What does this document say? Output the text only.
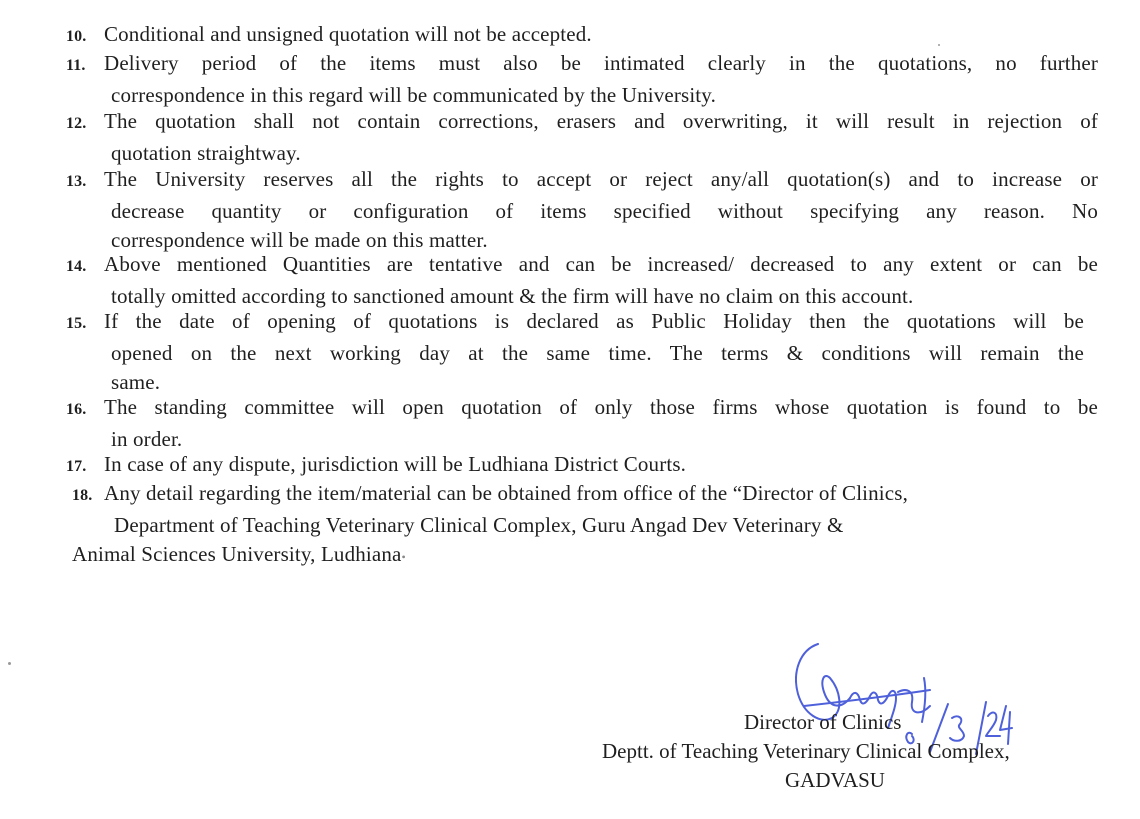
10. Conditional and unsigned quotation will not be accepted.
11. Delivery period of the items must also be intimated clearly in the quotations, no further
correspondence in this regard will be communicated by the University.
12. The quotation shall not contain corrections, erasers and overwriting, it will result in rejection of
quotation straightway.
13. The University reserves all the rights to accept or reject any/all quotation(s) and to increase or
decrease quantity or configuration of items specified without specifying any reason. No
correspondence will be made on this matter.
14. Above mentioned Quantities are tentative and can be increased/ decreased to any extent or can be
totally omitted according to sanctioned amount & the firm will have no claim on this account.
15. If the date of opening of quotations is declared as Public Holiday then the quotations will be
opened on the next working day at the same time. The terms & conditions will remain the
same.
16. The standing committee will open quotation of only those firms whose quotation is found to be
in order.
17. In case of any dispute, jurisdiction will be Ludhiana District Courts.
18. Any detail regarding the item/material can be obtained from office of the “Director of Clinics,
Department of Teaching Veterinary Clinical Complex, Guru Angad Dev Veterinary &
Animal Sciences University, Ludhiana•
Director of Clinics
Deptt. of Teaching Veterinary Clinical Complex,
GADVASU
